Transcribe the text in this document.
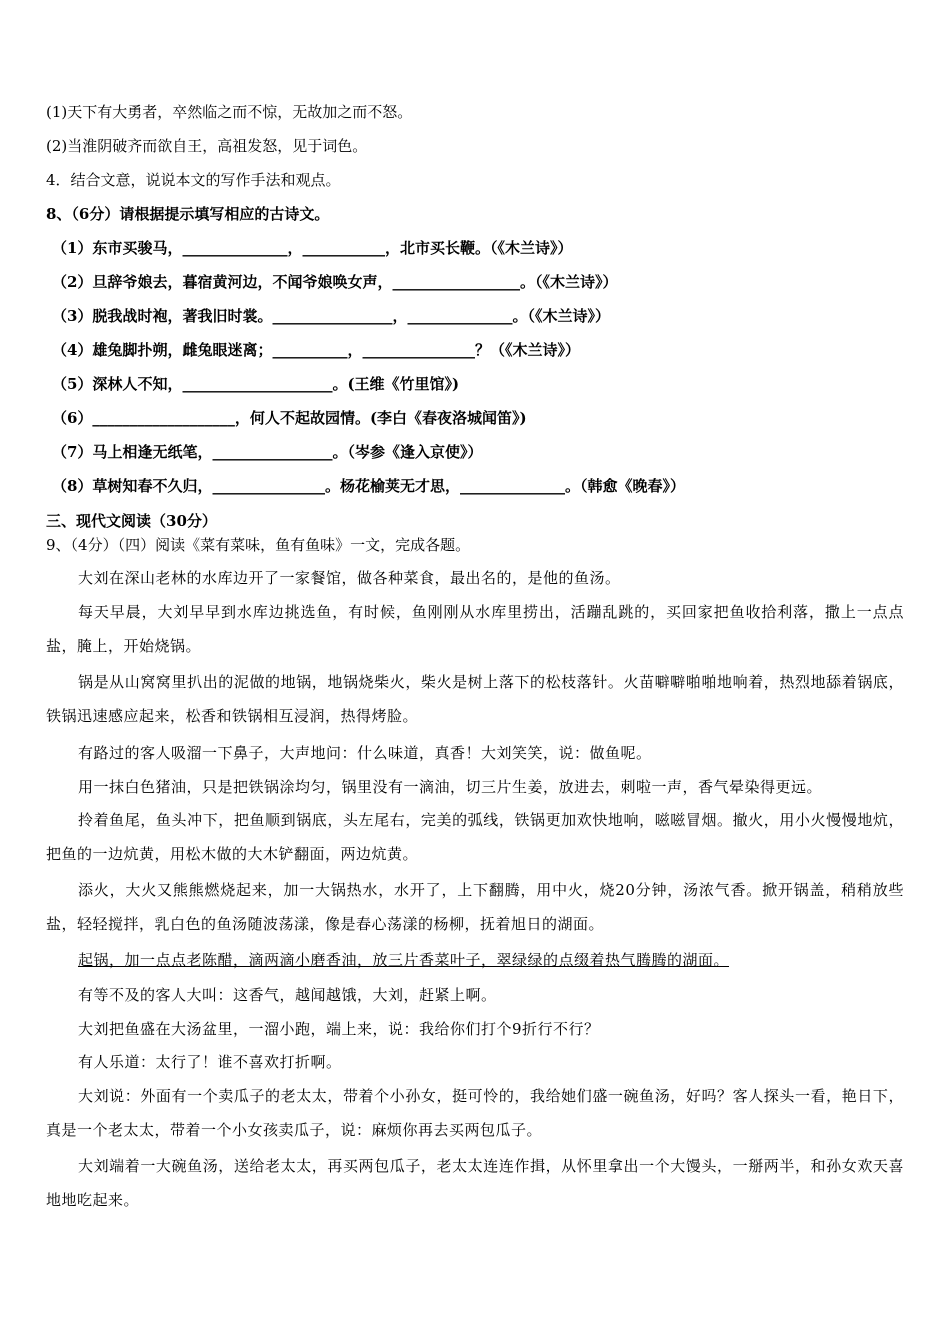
(1)天下有大勇者，卒然临之而不惊，无故加之而不怒。
(2)当淮阴破齐而欲自王，高祖发怒，见于词色。
4．结合文意，说说本文的写作手法和观点。
8、（6分）请根据提示填写相应的古诗文。
（1）东市买骏马，______________，___________，北市买长鞭。（《木兰诗》）
（2）旦辞爷娘去，暮宿黄河边，不闻爷娘唤女声，_________________。（《木兰诗》）
（3）脱我战时袍，著我旧时裳。________________，______________。（《木兰诗》）
（4）雄兔脚扑朔，雌兔眼迷离；__________，_______________？（《木兰诗》）
（5）深林人不知，____________________。(王维《竹里馆》)
（6）___________________，何人不起故园情。(李白《春夜洛城闻笛》)
（7）马上相逢无纸笔，________________。（岑参《逢入京使》）
（8）草树知春不久归，_______________。杨花榆荚无才思，______________。（韩愈《晚春》）
三、现代文阅读（30分）
9、（4分）（四）阅读《菜有菜味，鱼有鱼味》一文，完成各题。
大刘在深山老林的水库边开了一家餐馆，做各种菜食，最出名的，是他的鱼汤。
每天早晨，大刘早早到水库边挑选鱼，有时候，鱼刚刚从水库里捞出，活蹦乱跳的，买回家把鱼收拾利落，撒上一点点盐，腌上，开始烧锅。
锅是从山窝窝里扒出的泥做的地锅，地锅烧柴火，柴火是树上落下的松枝落针。火苗噼噼啪啪地响着，热烈地舔着锅底，铁锅迅速感应起来，松香和铁锅相互浸润，热得烤脸。
有路过的客人吸溜一下鼻子，大声地问：什么味道，真香！大刘笑笑，说：做鱼呢。
用一抹白色猪油，只是把铁锅涂均匀，锅里没有一滴油，切三片生姜，放进去，刺啦一声，香气晕染得更远。
拎着鱼尾，鱼头冲下，把鱼顺到锅底，头左尾右，完美的弧线，铁锅更加欢快地响，嗞嗞冒烟。撤火，用小火慢慢地炕，把鱼的一边炕黄，用松木做的大木铲翻面，两边炕黄。
添火，大火又熊熊燃烧起来，加一大锅热水，水开了，上下翻腾，用中火，烧20分钟，汤浓气香。掀开锅盖，稍稍放些盐，轻轻搅拌，乳白色的鱼汤随波荡漾，像是春心荡漾的杨柳，抚着旭日的湖面。
起锅，加一点点老陈醋，滴两滴小磨香油，放三片香菜叶子，翠绿绿的点缀着热气腾腾的湖面。
有等不及的客人大叫：这香气，越闻越饿，大刘，赶紧上啊。
大刘把鱼盛在大汤盆里，一溜小跑，端上来，说：我给你们打个9折行不行？
有人乐道：太行了！谁不喜欢打折啊。
大刘说：外面有一个卖瓜子的老太太，带着个小孙女，挺可怜的，我给她们盛一碗鱼汤，好吗？客人探头一看，艳日下，真是一个老太太，带着一个小女孩卖瓜子，说：麻烦你再去买两包瓜子。
大刘端着一大碗鱼汤，送给老太太，再买两包瓜子，老太太连连作揖，从怀里拿出一个大馒头，一掰两半，和孙女欢天喜地地吃起来。
